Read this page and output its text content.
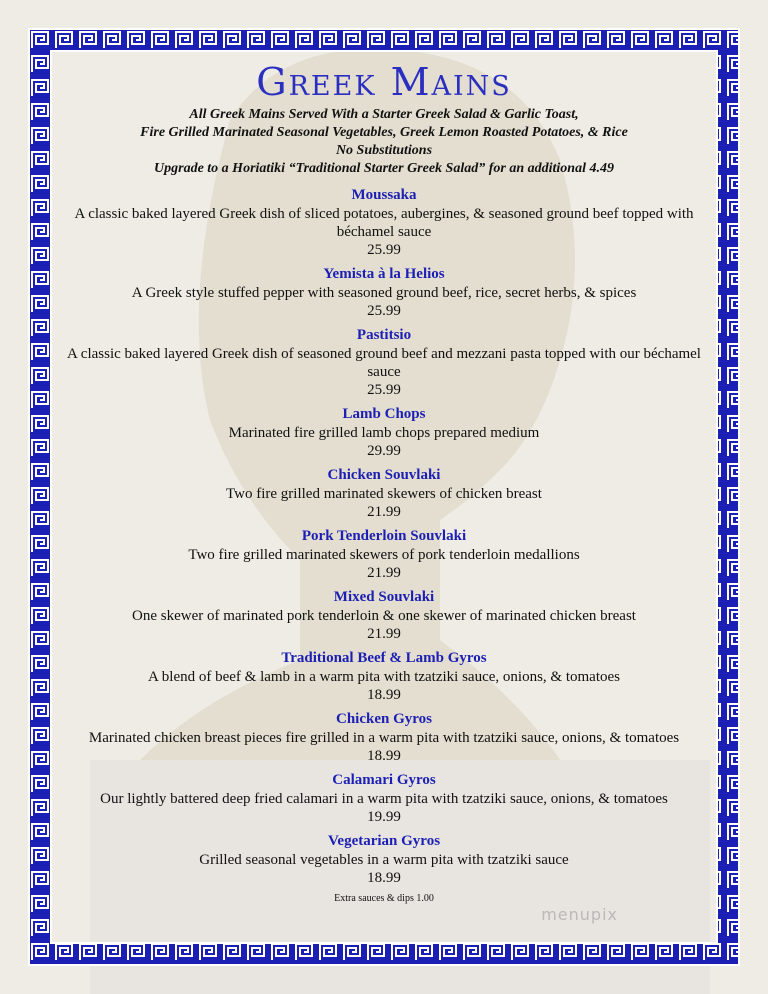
Greek Mains

All Greek Mains Served With a Starter Greek Salad & Garlic Toast,

Fire Grilled Marinated Seasonal Vegetables, Greek Lemon Roasted Potatoes, & Rice

No Substitutions

Upgrade to a Horiatiki “Traditional Starter Greek Salad” for an additional 4.49

Moussaka
A classic baked layered Greek dish of sliced potatoes, aubergines, & seasoned ground beef topped with béchamel sauce
25.99
Yemista à la Helios
A Greek style stuffed pepper with seasoned ground beef, rice, secret herbs, & spices
25.99
Pastitsio
A classic baked layered Greek dish of seasoned ground beef and mezzani pasta topped with our béchamel sauce
25.99
Lamb Chops
Marinated fire grilled lamb chops prepared medium
29.99
Chicken Souvlaki
Two fire grilled marinated skewers of chicken breast
21.99
Pork Tenderloin Souvlaki
Two fire grilled marinated skewers of pork tenderloin medallions
21.99
Mixed Souvlaki
One skewer of marinated pork tenderloin & one skewer of marinated chicken breast
21.99
Traditional Beef & Lamb Gyros
A blend of beef & lamb in a warm pita with tzatziki sauce, onions, & tomatoes
18.99
Chicken Gyros
Marinated chicken breast pieces fire grilled in a warm pita with tzatziki sauce, onions, & tomatoes
18.99
Calamari Gyros
Our lightly battered deep fried calamari in a warm pita with tzatziki sauce, onions, & tomatoes
19.99
Vegetarian Gyros
Grilled seasonal vegetables in a warm pita with tzatziki sauce
18.99
Extra sauces & dips 1.00
menupix
